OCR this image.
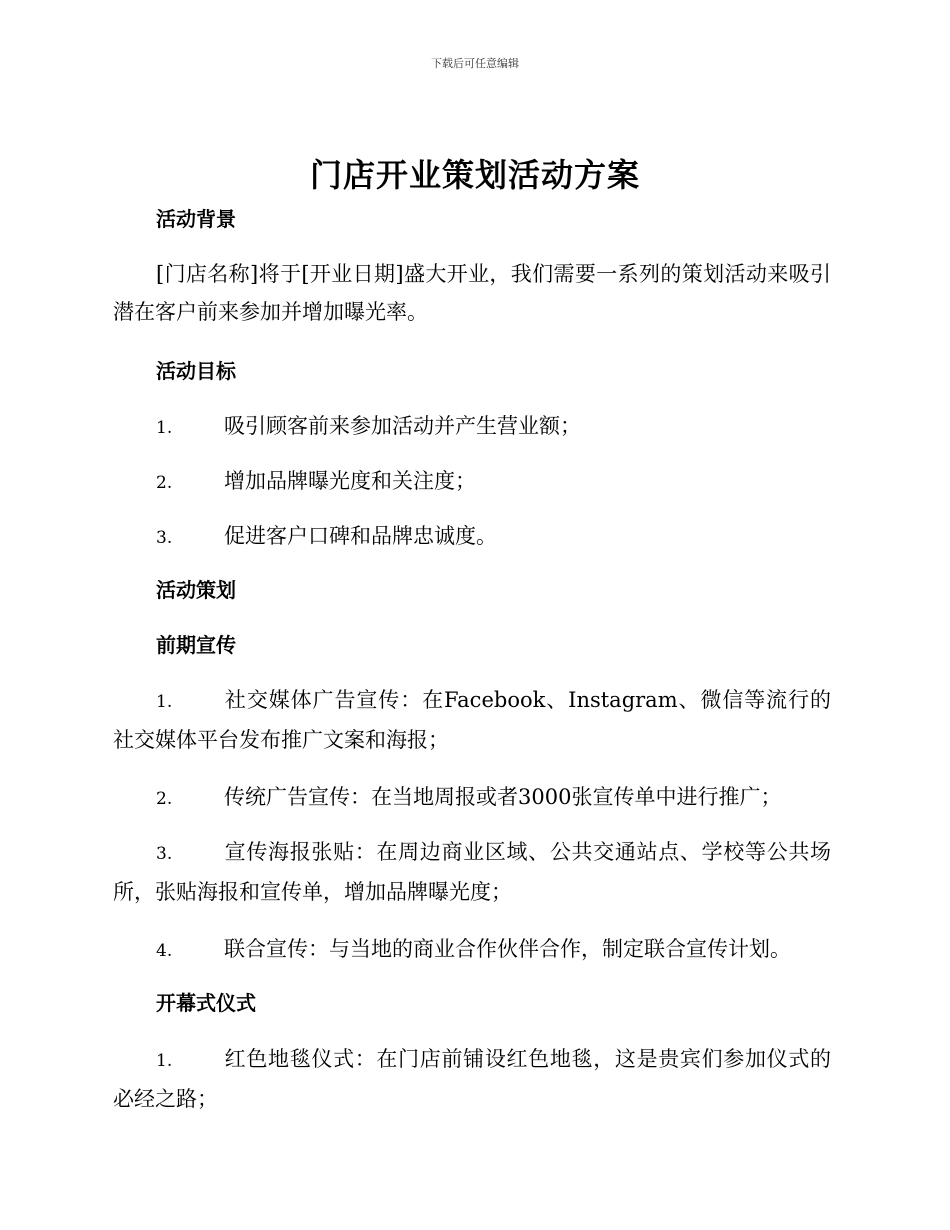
下载后可任意编辑
门店开业策划活动方案
活动背景
[门店名称]将于[开业日期]盛大开业，我们需要一系列的策划活动来吸引潜在客户前来参加并增加曝光率。
活动目标
1. 吸引顾客前来参加活动并产生营业额；
2. 增加品牌曝光度和关注度；
3. 促进客户口碑和品牌忠诚度。
活动策划
前期宣传
1. 社交媒体广告宣传：在Facebook、Instagram、微信等流行的社交媒体平台发布推广文案和海报；
2. 传统广告宣传：在当地周报或者3000张宣传单中进行推广；
3. 宣传海报张贴：在周边商业区域、公共交通站点、学校等公共场所，张贴海报和宣传单，增加品牌曝光度；
4. 联合宣传：与当地的商业合作伙伴合作，制定联合宣传计划。
开幕式仪式
1. 红色地毯仪式：在门店前铺设红色地毯，这是贵宾们参加仪式的必经之路；
